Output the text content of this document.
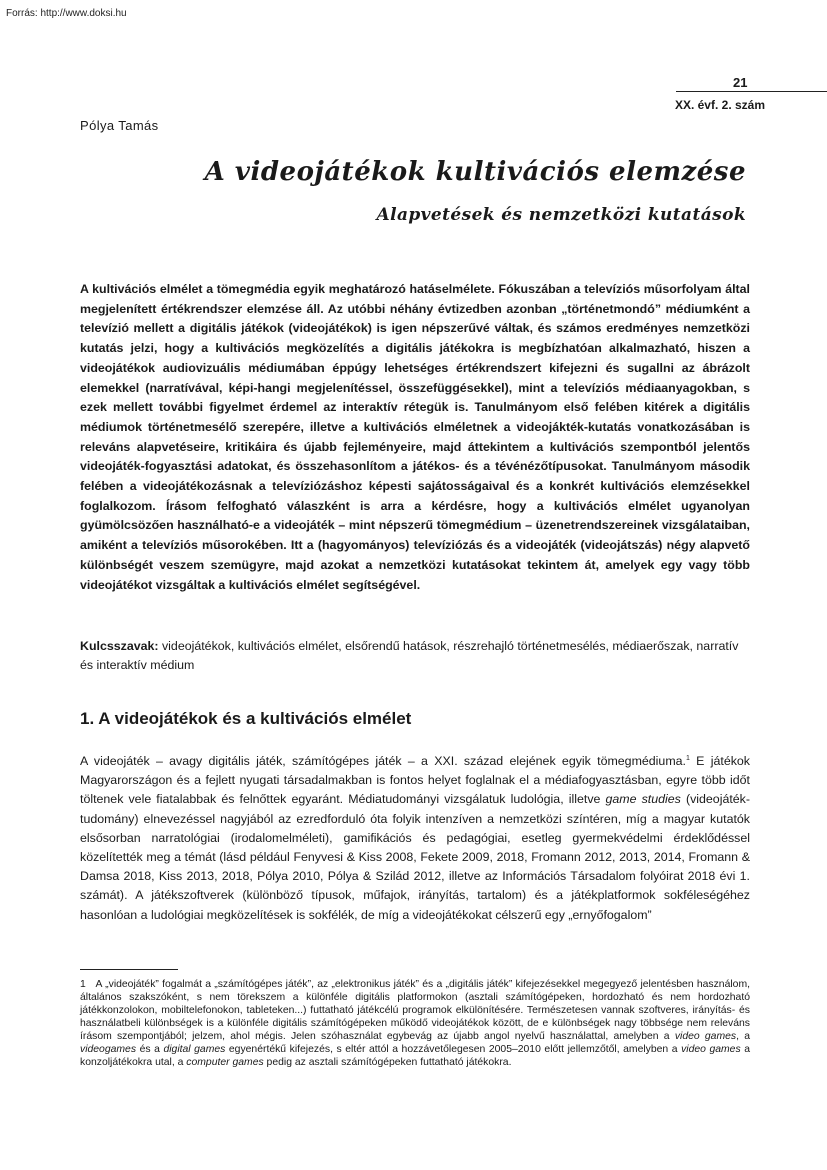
Forrás: http://www.doksi.hu
21
XX. évf. 2. szám
Pólya Tamás
A videojátékok kultivációs elemzése
Alapvetések és nemzetközi kutatások

A kultivációs elmélet a tömegmédia egyik meghatározó hatáselmélete. Fókuszában a televíziós műsorfolyam által megjelenített értékrendszer elemzése áll. Az utóbbi néhány évtizedben azonban „történetmondó” médiumként a televízió mellett a digitális játékok (videojátékok) is igen népszerűvé váltak, és számos eredményes nemzetközi kutatás jelzi, hogy a kultivációs megközelítés a digitális játékokra is megbízhatóan alkalmazható, hiszen a videojátékok audiovizuális médiumában éppúgy lehetséges értékrendszert kifejezni és sugallni az ábrázolt elemekkel (narratívával, képi-hangi megjelenítéssel, összefüggésekkel), mint a televíziós médiaanyagokban, s ezek mellett további figyelmet érdemel az interaktív rétegük is. Tanulmányom első felében kitérek a digitális médiumok történetmesélő szerepére, illetve a kultivációs elméletnek a videojákték-kutatás vonatkozásában is releváns alapvetéseire, kritikáira és újabb fejleményeire, majd áttekintem a kultivációs szempontból jelentős videojáték-fogyasztási adatokat, és összehasonlítom a játékos- és a tévénézőtípusokat. Tanulmányom második felében a videojátékozásnak a televíziózáshoz képesti sajátosságaival és a konkrét kultivációs elemzésekkel foglalkozom. Írásom felfogható válaszként is arra a kérdésre, hogy a kultivációs elmélet ugyanolyan gyümölcsözően használható-e a videojáték – mint népszerű tömegmédium – üzenetrendszereinek vizsgálataiban, amiként a televíziós műsorokében. Itt a (hagyományos) televíziózás és a videojáték (videojátszás) négy alapvető különbségét veszem szemügyre, majd azokat a nemzetközi kutatásokat tekintem át, amelyek egy vagy több videojátékot vizsgáltak a kultivációs elmélet segítségével.

Kulcsszavak: videojátékok, kultivációs elmélet, elsőrendű hatások, részrehajló történetmesélés, médiaerőszak, narratív és interaktív médium

1. A videojátékok és a kultivációs elmélet

A videojáték – avagy digitális játék, számítógépes játék – a XXI. század elejének egyik tömegmédiuma.$^1$ E játékok Magyarországon és a fejlett nyugati társadalmakban is fontos helyet foglalnak el a médiafogyasztásban, egyre több időt töltenek vele fiatalabbak és felnőttek egyaránt. Médiatudományi vizsgálatuk ludológia, illetve game studies (videojáték-tudomány) elnevezéssel nagyjából az ezredforduló óta folyik intenzíven a nemzetközi színtéren, míg a magyar kutatók elsősorban narratológiai (irodalomelméleti), gamifikációs és pedagógiai, esetleg gyermekvédelmi érdeklődéssel közelítették meg a témát (lásd például Fenyvesi & Kiss 2008, Fekete 2009, 2018, Fromann 2012, 2013, 2014, Fromann & Damsa 2018, Kiss 2013, 2018, Pólya 2010, Pólya & Szilád 2012, illetve az Információs Társadalom folyóirat 2018 évi 1. számát). A játékszoftverek (különböző típusok, műfajok, irányítás, tartalom) és a játékplatformok sokféleségéhez hasonlóan a ludológiai megközelítések is sokfélék, de míg a videojátékokat célszerű egy „ernyőfogalom”

1 A „videojáték” fogalmát a „számítógépes játék”, az „elektronikus játék” és a „digitális játék” kifejezésekkel megegyező jelentésben használom, általános szakszóként, s nem törekszem a különféle digitális platformokon (asztali számítógépeken, hordozható és nem hordozható játékkonzolokon, mobiltelefonokon, tableteken...) futtatható játékcélú programok elkülönítésére. Természetesen vannak szoftveres, irányítás- és használatbeli különbségek is a különféle digitális számítógépeken működő videojátékok között, de e különbségek nagy többsége nem releváns írásom szempontjából; jelzem, ahol mégis. Jelen szóhasználat egybevág az újabb angol nyelvű használattal, amelyben a video games, a videogames és a digital games egyenértékű kifejezés, s eltér attól a hozzávetőlegesen 2005–2010 előtt jellemzőtől, amelyben a video games a konzoljátékokra utal, a computer games pedig az asztali számítógépeken futtatható játékokra.
